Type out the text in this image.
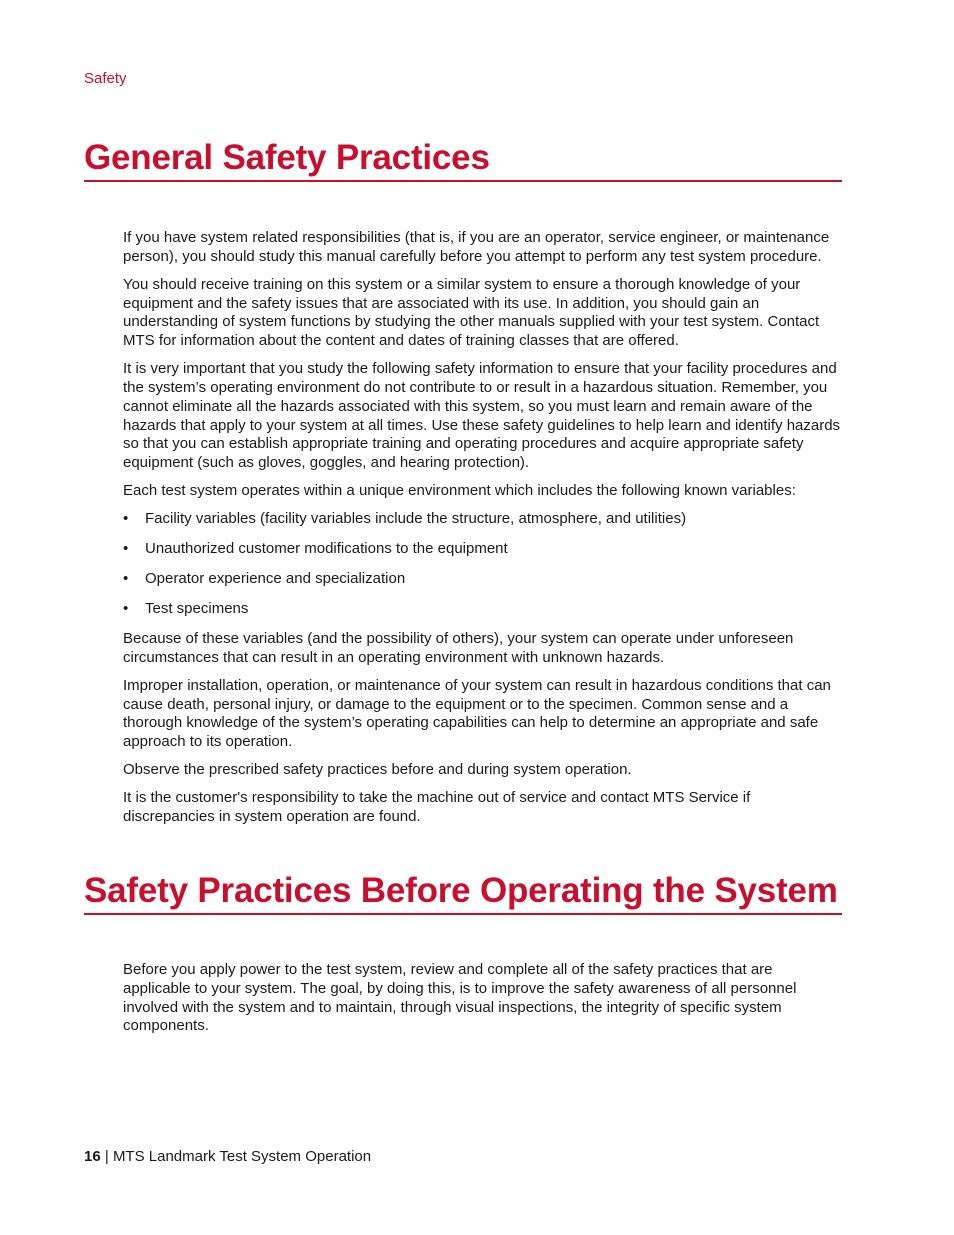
Safety

General Safety Practices

If you have system related responsibilities (that is, if you are an operator, service engineer, or maintenance person), you should study this manual carefully before you attempt to perform any test system procedure.

You should receive training on this system or a similar system to ensure a thorough knowledge of your equipment and the safety issues that are associated with its use. In addition, you should gain an understanding of system functions by studying the other manuals supplied with your test system. Contact MTS for information about the content and dates of training classes that are offered.

It is very important that you study the following safety information to ensure that your facility procedures and the system’s operating environment do not contribute to or result in a hazardous situation. Remember, you cannot eliminate all the hazards associated with this system, so you must learn and remain aware of the hazards that apply to your system at all times. Use these safety guidelines to help learn and identify hazards so that you can establish appropriate training and operating procedures and acquire appropriate safety equipment (such as gloves, goggles, and hearing protection).

Each test system operates within a unique environment which includes the following known variables:

• Facility variables (facility variables include the structure, atmosphere, and utilities)
• Unauthorized customer modifications to the equipment
• Operator experience and specialization
• Test specimens

Because of these variables (and the possibility of others), your system can operate under unforeseen circumstances that can result in an operating environment with unknown hazards.

Improper installation, operation, or maintenance of your system can result in hazardous conditions that can cause death, personal injury, or damage to the equipment or to the specimen. Common sense and a thorough knowledge of the system’s operating capabilities can help to determine an appropriate and safe approach to its operation.

Observe the prescribed safety practices before and during system operation.

It is the customer's responsibility to take the machine out of service and contact MTS Service if discrepancies in system operation are found.

Safety Practices Before Operating the System

Before you apply power to the test system, review and complete all of the safety practices that are applicable to your system. The goal, by doing this, is to improve the safety awareness of all personnel involved with the system and to maintain, through visual inspections, the integrity of specific system components.

16 | MTS Landmark Test System Operation
